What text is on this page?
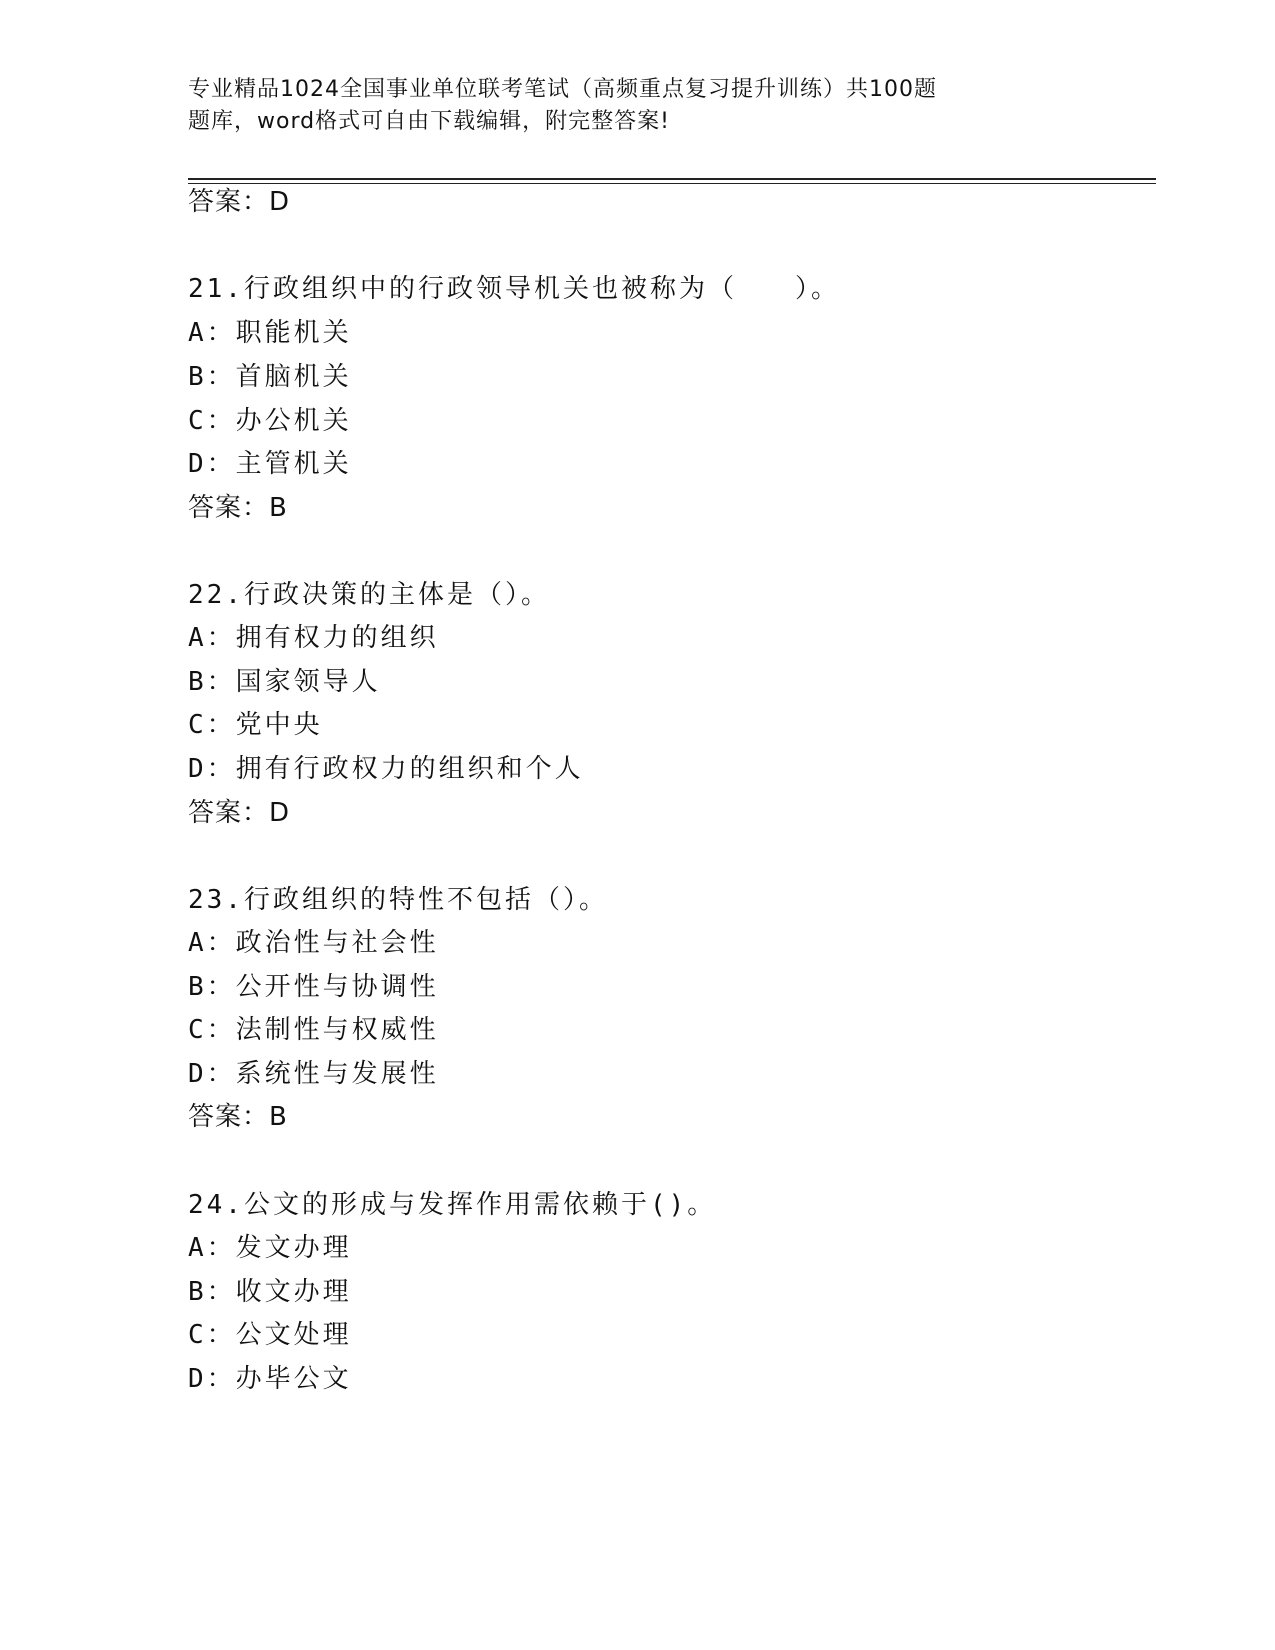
专业精品1024全国事业单位联考笔试（高频重点复习提升训练）共100题
题库，word格式可自由下载编辑，附完整答案!
答案：D
21.行政组织中的行政领导机关也被称为（　　）。
A：职能机关
B：首脑机关
C：办公机关
D：主管机关
答案：B
22.行政决策的主体是（）。
A：拥有权力的组织
B：国家领导人
C：党中央
D：拥有行政权力的组织和个人
答案：D
23.行政组织的特性不包括（）。
A：政治性与社会性
B：公开性与协调性
C：法制性与权威性
D：系统性与发展性
答案：B
24.公文的形成与发挥作用需依赖于()。
A：发文办理
B：收文办理
C：公文处理
D：办毕公文
